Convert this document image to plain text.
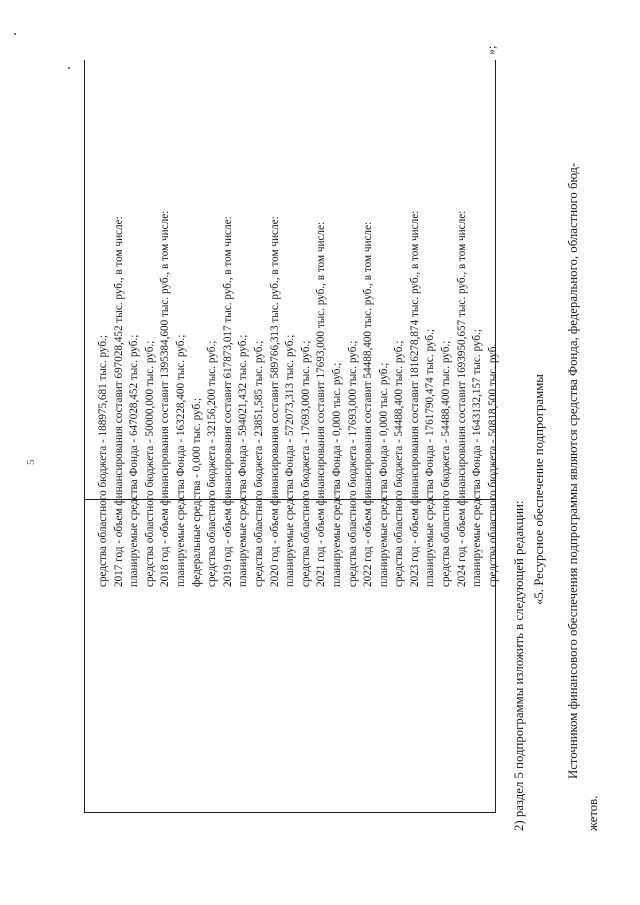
5	средства областного бюджета - 188975,681 тыс. руб.; 2017 год - объем финансирования составит 697028,452 тыс. руб., в том числе: планируемые средства Фонда - 647028,452 тыс. руб.; средства областного бюджета - 50000,000 тыс. руб.; 2018 год - объем финансирования составит 1395384,600 тыс. руб., в том числе: планируемые средства Фонда - 163228,400 тыс. руб.; федеральные средства - 0,000 тыс. руб.; средства областного бюджета - 32156,200 тыс. руб.; 2019 год - объем финансирования составит 617873,017 тыс. руб., в том числе: планируемые средства Фонда - 594021,432 тыс. руб.; средства областного бюджета - 23851,585 тыс. руб.; 2020 год - объем финансирования составит 589766,313 тыс. руб., в том числе: планируемые средства Фонда - 572073,313 тыс. руб.; средства областного бюджета - 17693,000 тыс. руб.; 2021 год - объем финансирования составит 17693,000 тыс. руб., в том числе: планируемые средства Фонда - 0,000 тыс. руб.; средства областного бюджета - 17693,000 тыс. руб.; 2022 год - объем финансирования составит 54488,400 тыс. руб., в том числе: планируемые средства Фонда - 0,000 тыс. руб.; средства областного бюджета - 54488,400 тыс. руб.; 2023 год - объем финансирования составит 1816278,874 тыс. руб., в том числе: планируемые средства Фонда - 1761790,474 тыс. руб.; средства областного бюджета - 54488,400 тыс. руб.; 2024 год - объем финансирования составит 1693950,657 тыс. руб., в том числе: планируемые средства Фонда - 1643132,157 тыс. руб.; средства областного бюджета - 50818,500 тыс. руб.
»;
2) раздел 5 подпрограммы изложить в следующей редакции:
«5. Ресурсное обеспечение подпрограммы Источником финансового обеспечения подпрограммы являются средства Фонда, федерального, областного бюд-
жетов.
